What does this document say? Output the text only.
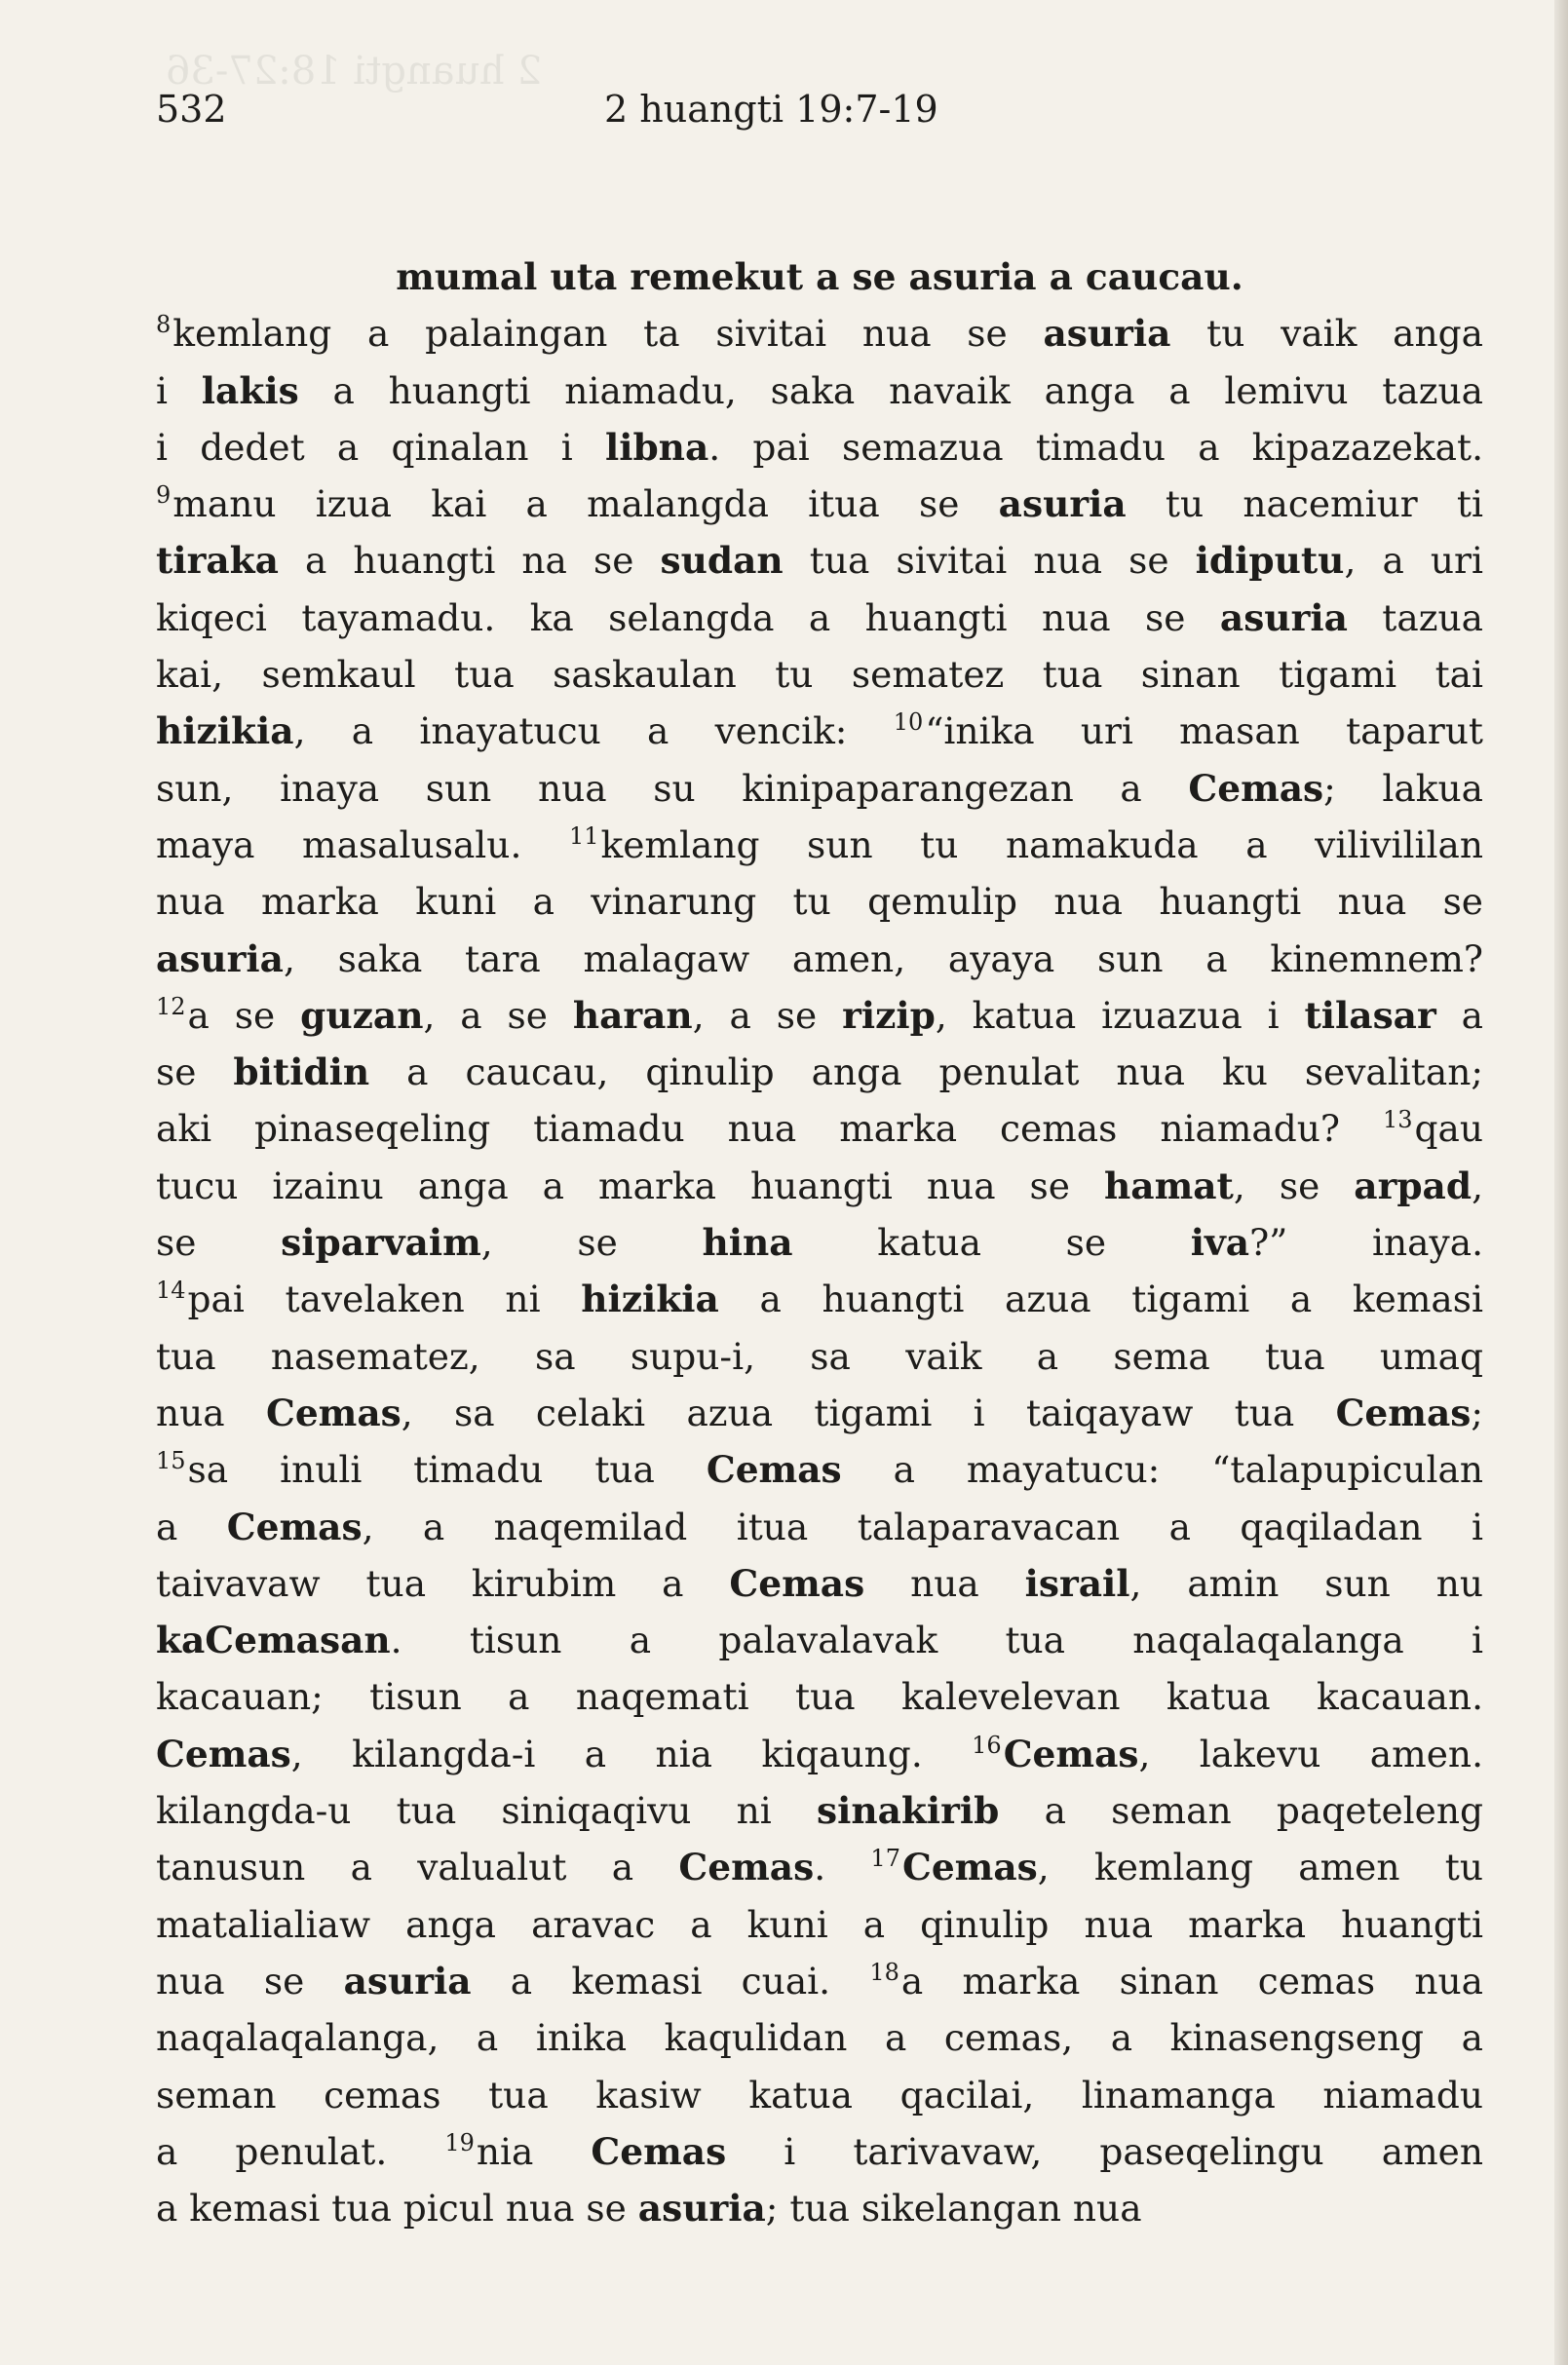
2 huangti 18:27-36
532	2 huangti 19:7-19
mumal uta remekut a se asuria a caucau.
$^8$kemlang a palaingan ta sivitai nua se asuria tu vaik anga
i lakis a huangti niamadu, saka navaik anga a lemivu tazua
i dedet a qinalan i libna. pai semazua timadu a kipazazekat.
$^9$manu izua kai a malangda itua se asuria tu nacemiur ti
tiraka a huangti na se sudan tua sivitai nua se idiputu, a uri
kiqeci tayamadu. ka selangda a huangti nua se asuria tazua
kai, semkaul tua saskaulan tu sematez tua sinan tigami tai
hizikia, a inayatucu a vencik: $^{10}$“inika uri masan taparut
sun, inaya sun nua su kinipaparangezan a Cemas; lakua
maya masalusalu. $^{11}$kemlang sun tu namakuda a vilivililan
nua marka kuni a vinarung tu qemulip nua huangti nua se
asuria, saka tara malagaw amen, ayaya sun a kinemnem?
$^{12}$a se guzan, a se haran, a se rizip, katua izuazua i tilasar a
se bitidin a caucau, qinulip anga penulat nua ku sevalitan;
aki pinaseqeling tiamadu nua marka cemas niamadu? $^{13}$qau
tucu izainu anga a marka huangti nua se hamat, se arpad,
se siparvaim, se hina katua se iva?” inaya.
$^{14}$pai tavelaken ni hizikia a huangti azua tigami a kemasi
tua nasematez, sa supu-i, sa vaik a sema tua umaq
nua Cemas, sa celaki azua tigami i taiqayaw tua Cemas;
$^{15}$sa inuli timadu tua Cemas a mayatucu: “talapupiculan
a Cemas, a naqemilad itua talaparavacan a qaqiladan i
taivavaw tua kirubim a Cemas nua israil, amin sun nu
kaCemasan. tisun a palavalavak tua naqalaqalanga i
kacauan; tisun a naqemati tua kalevelevan katua kacauan.
Cemas, kilangda-i a nia kiqaung. $^{16}$Cemas, lakevu amen.
kilangda-u tua siniqaqivu ni sinakirib a seman paqeteleng
tanusun a valualut a Cemas. $^{17}$Cemas, kemlang amen tu
matalialiaw anga aravac a kuni a qinulip nua marka huangti
nua se asuria a kemasi cuai. $^{18}$a marka sinan cemas nua
naqalaqalanga, a inika kaqulidan a cemas, a kinasengseng a
seman cemas tua kasiw katua qacilai, linamanga niamadu
a penulat. $^{19}$nia Cemas i tarivavaw, paseqelingu amen
a kemasi tua picul nua se asuria; tua sikelangan nua
